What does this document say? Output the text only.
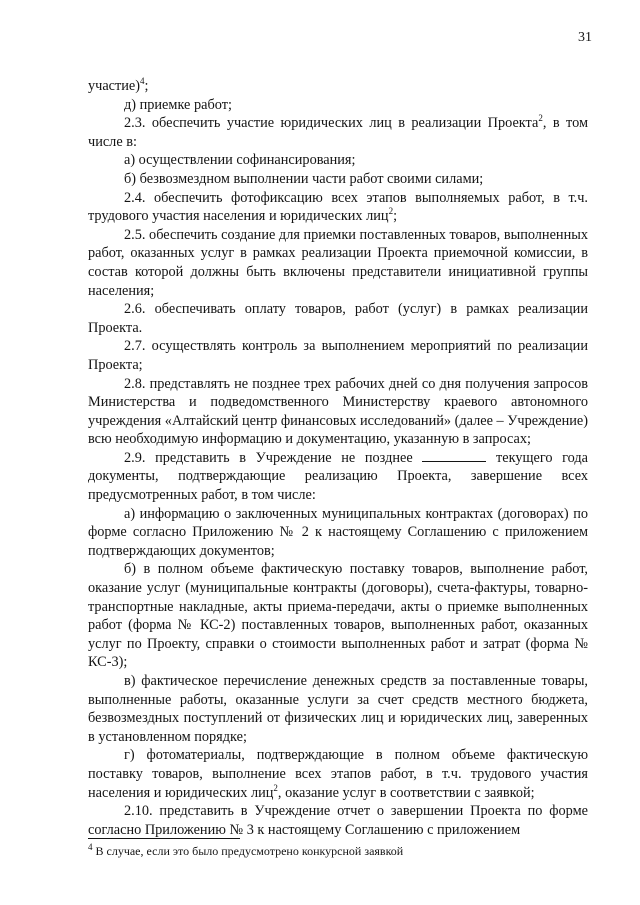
31

участие)$^4$;

д) приемке работ;

2.3. обеспечить участие юридических лиц в реализации Проекта$^2$, в том числе в:

а) осуществлении софинансирования;

б) безвозмездном выполнении части работ своими силами;

2.4. обеспечить фотофиксацию всех этапов выполняемых работ, в т.ч. трудового участия населения и юридических лиц$^2$;

2.5. обеспечить создание для приемки поставленных товаров, выполненных работ, оказанных услуг в рамках реализации Проекта приемочной комиссии, в состав которой должны быть включены представители инициативной группы населения;

2.6. обеспечивать оплату товаров, работ (услуг) в рамках реализации Проекта.

2.7. осуществлять контроль за выполнением мероприятий по реализации Проекта;

2.8. представлять не позднее трех рабочих дней со дня получения запросов Министерства и подведомственного Министерству краевого автономного учреждения «Алтайский центр финансовых исследований» (далее – Учреждение) всю необходимую информацию и документацию, указанную в запросах;

2.9. представить в Учреждение не позднее	текущего года документы, подтверждающие реализацию Проекта, завершение всех предусмотренных работ, в том числе:

а) информацию о заключенных муниципальных контрактах (договорах) по форме согласно Приложению № 2 к настоящему Соглашению с приложением подтверждающих документов;

б) в полном объеме фактическую поставку товаров, выполнение работ, оказание услуг (муниципальные контракты (договоры), счета-фактуры, товарно-транспортные накладные, акты приема-передачи, акты о приемке выполненных работ (форма № КС-2) поставленных товаров, выполненных работ, оказанных услуг по Проекту, справки о стоимости выполненных работ и затрат (форма № КС-3);

в) фактическое перечисление денежных средств за поставленные товары, выполненные работы, оказанные услуги за счет средств местного бюджета, безвозмездных поступлений от физических лиц и юридических лиц, заверенных в установленном порядке;

г) фотоматериалы, подтверждающие в полном объеме фактическую поставку товаров, выполнение всех этапов работ, в т.ч. трудового участия населения и юридических лиц$^2$, оказание услуг в соответствии с заявкой;

2.10. представить в Учреждение отчет о завершении Проекта по форме согласно Приложению № 3 к настоящему Соглашению с приложением

$^4$ В случае, если это было предусмотрено конкурсной заявкой
